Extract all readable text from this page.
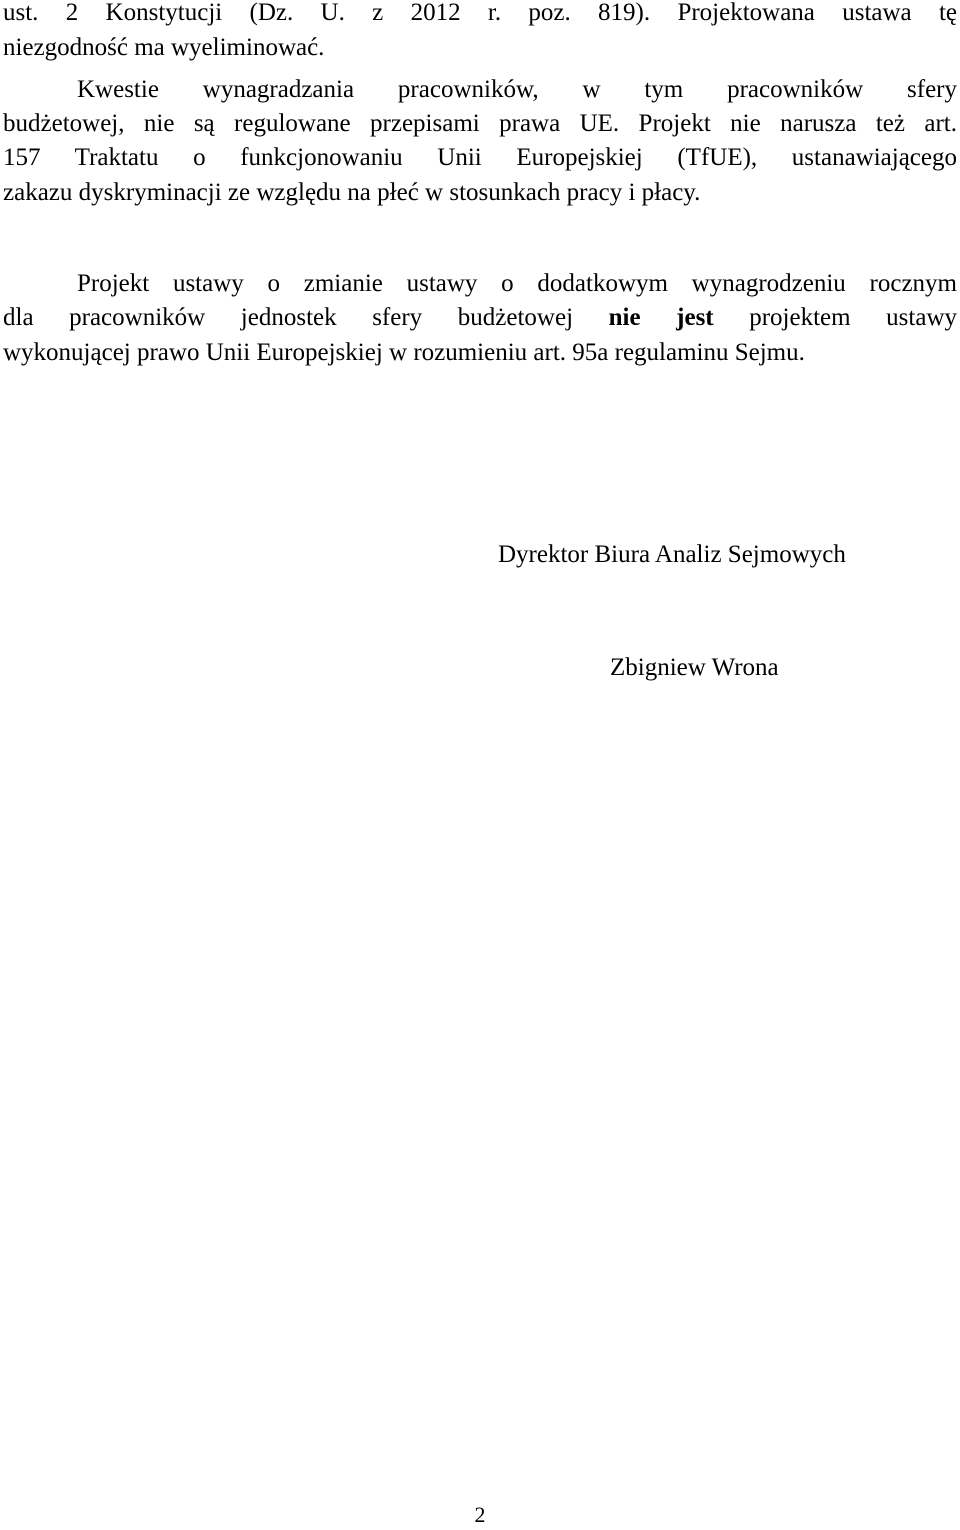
ust. 2 Konstytucji (Dz. U. z 2012 r. poz. 819). Projektowana ustawa tę
niezgodność ma wyeliminować.
Kwestie wynagradzania pracowników, w tym pracowników sfery
budżetowej, nie są regulowane przepisami prawa UE. Projekt nie narusza też art.
157 Traktatu o funkcjonowaniu Unii Europejskiej (TfUE), ustanawiającego
zakazu dyskryminacji ze względu na płeć w stosunkach pracy i płacy.
Projekt ustawy o zmianie ustawy o dodatkowym wynagrodzeniu rocznym
dla pracowników jednostek sfery budżetowej nie jest projektem ustawy
wykonującej prawo Unii Europejskiej w rozumieniu art. 95a regulaminu Sejmu.
Dyrektor Biura Analiz Sejmowych
Zbigniew Wrona
2
